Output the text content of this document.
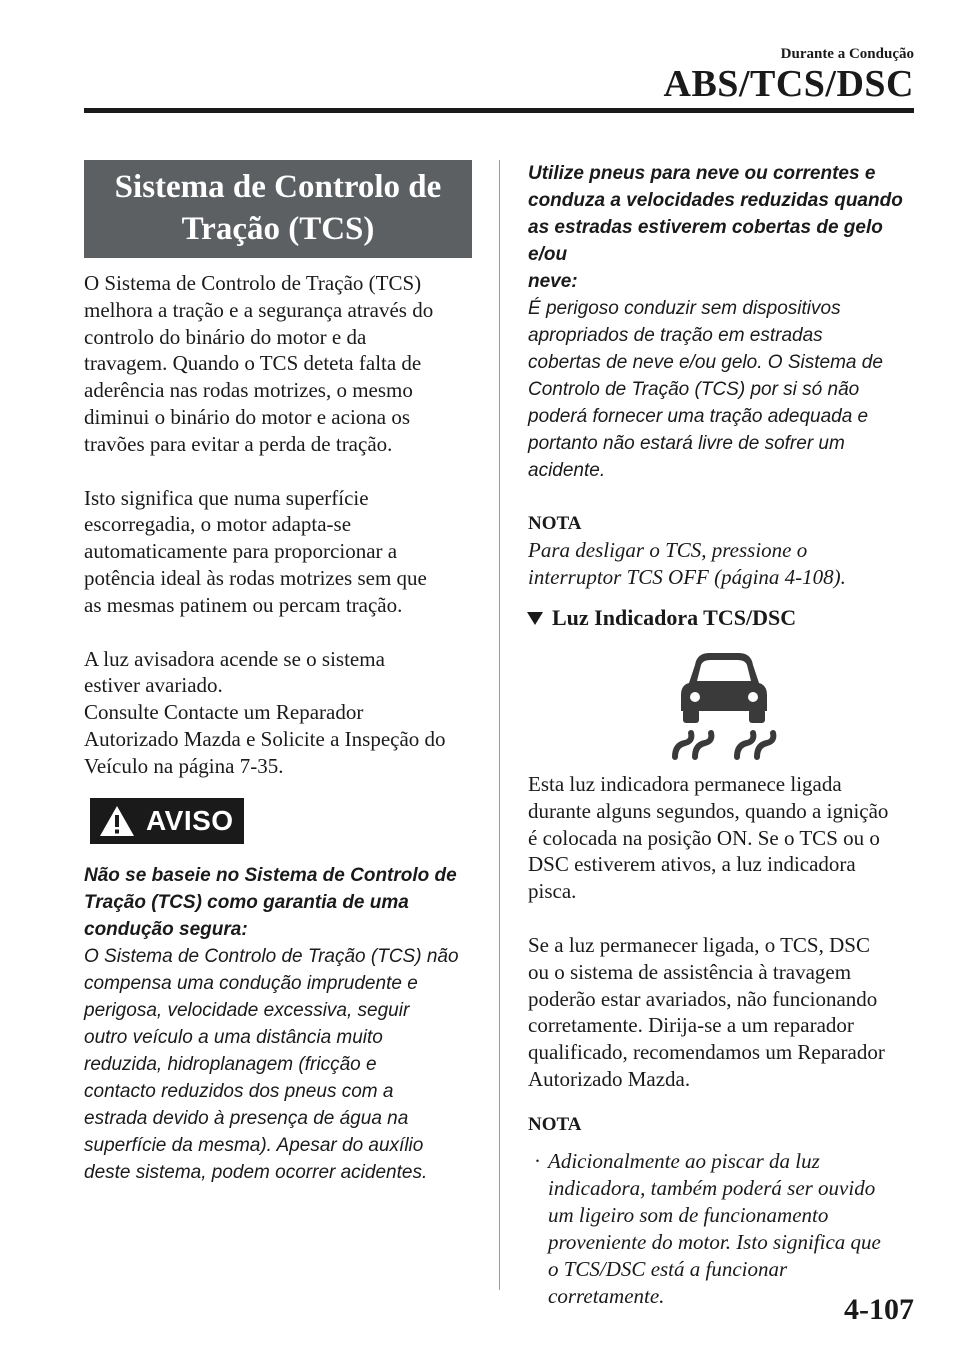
Durante a Condução
ABS/TCS/DSC
Sistema de Controlo de
Tração (TCS)

O Sistema de Controlo de Tração (TCS)

melhora a tração e a segurança através do

controlo do binário do motor e da

travagem. Quando o TCS deteta falta de

aderência nas rodas motrizes, o mesmo

diminui o binário do motor e aciona os

travões para evitar a perda de tração.

Isto significa que numa superfície

escorregadia, o motor adapta-se

automaticamente para proporcionar a

potência ideal às rodas motrizes sem que

as mesmas patinem ou percam tração.

A luz avisadora acende se o sistema

estiver avariado.

Consulte Contacte um Reparador

Autorizado Mazda e Solicite a Inspeção do

Veículo na página 7-35.

AVISO

Não se baseie no Sistema de Controlo de

Tração (TCS) como garantia de uma

condução segura:

O Sistema de Controlo de Tração (TCS) não

compensa uma condução imprudente e

perigosa, velocidade excessiva, seguir

outro veículo a uma distância muito

reduzida, hidroplanagem (fricção e

contacto reduzidos dos pneus com a

estrada devido à presença de água na

superfície da mesma). Apesar do auxílio

deste sistema, podem ocorrer acidentes.

Utilize pneus para neve ou correntes e

conduza a velocidades reduzidas quando

as estradas estiverem cobertas de gelo e/ou

neve:

É perigoso conduzir sem dispositivos

apropriados de tração em estradas

cobertas de neve e/ou gelo. O Sistema de

Controlo de Tração (TCS) por si só não

poderá fornecer uma tração adequada e

portanto não estará livre de sofrer um

acidente.

NOTA

Para desligar o TCS, pressione o

interruptor TCS OFF (página 4-108).

Luz Indicadora TCS/DSC

Esta luz indicadora permanece ligada

durante alguns segundos, quando a ignição

é colocada na posição ON. Se o TCS ou o

DSC estiverem ativos, a luz indicadora

pisca.

Se a luz permanecer ligada, o TCS, DSC

ou o sistema de assistência à travagem

poderão estar avariados, não funcionando

corretamente. Dirija-se a um reparador

qualificado, recomendamos um Reparador

Autorizado Mazda.

NOTA

· Adicionalmente ao piscar da luz

indicadora, também poderá ser ouvido

um ligeiro som de funcionamento

proveniente do motor. Isto significa que

o TCS/DSC está a funcionar

corretamente.	4-107
